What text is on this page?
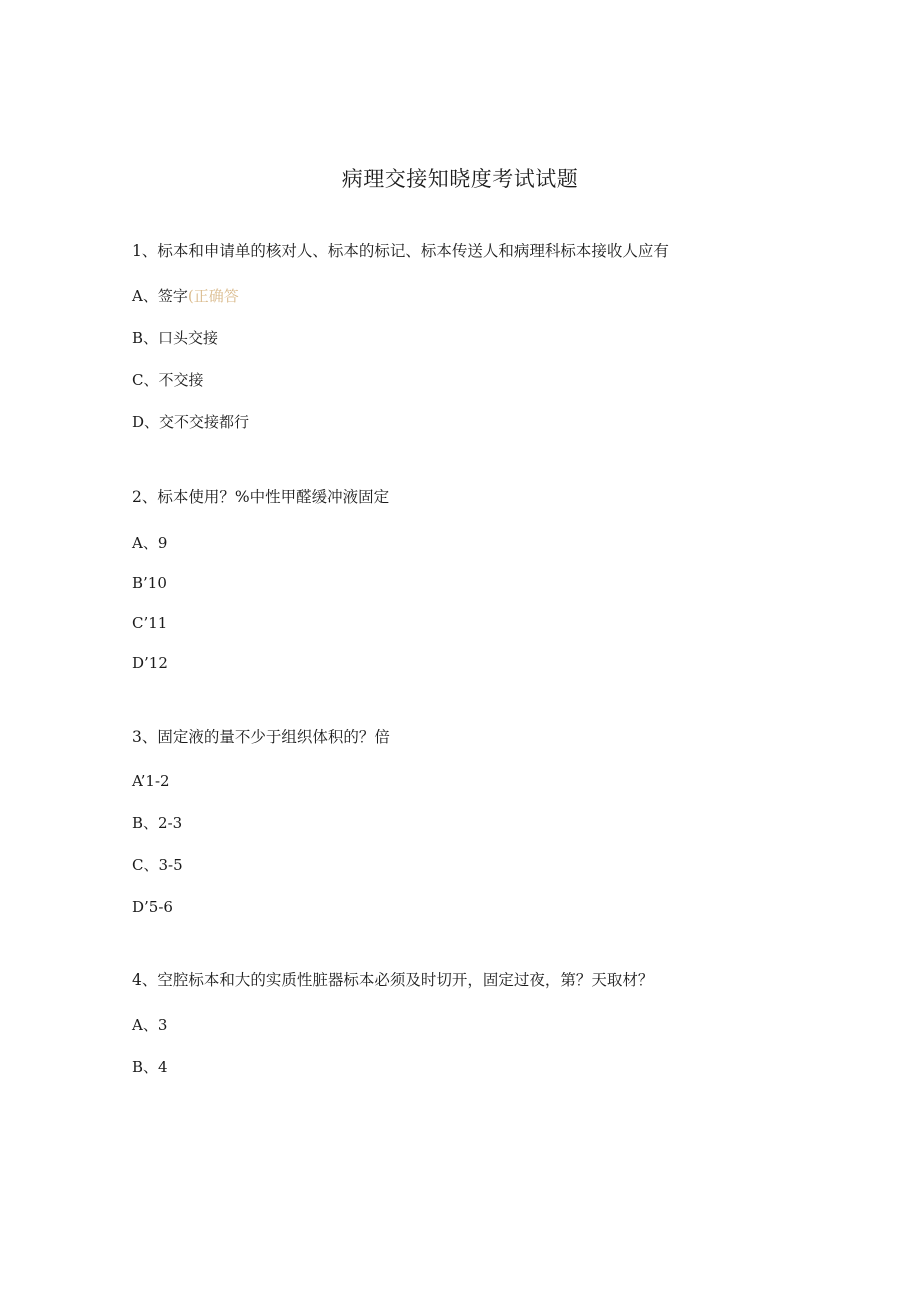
病理交接知晓度考试试题
1、标本和申请单的核对人、标本的标记、标本传送人和病理科标本接收人应有
A、签字(正确答
B、口头交接
C、不交接
D、交不交接都行
2、标本使用？%中性甲醛缓冲液固定
A、9
B’10
C’11
D’12
3、固定液的量不少于组织体积的？倍
A’1-2
B、2-3
C、3-5
D’5-6
4、空腔标本和大的实质性脏器标本必须及时切开，固定过夜，第？天取材？
A、3
B、4
